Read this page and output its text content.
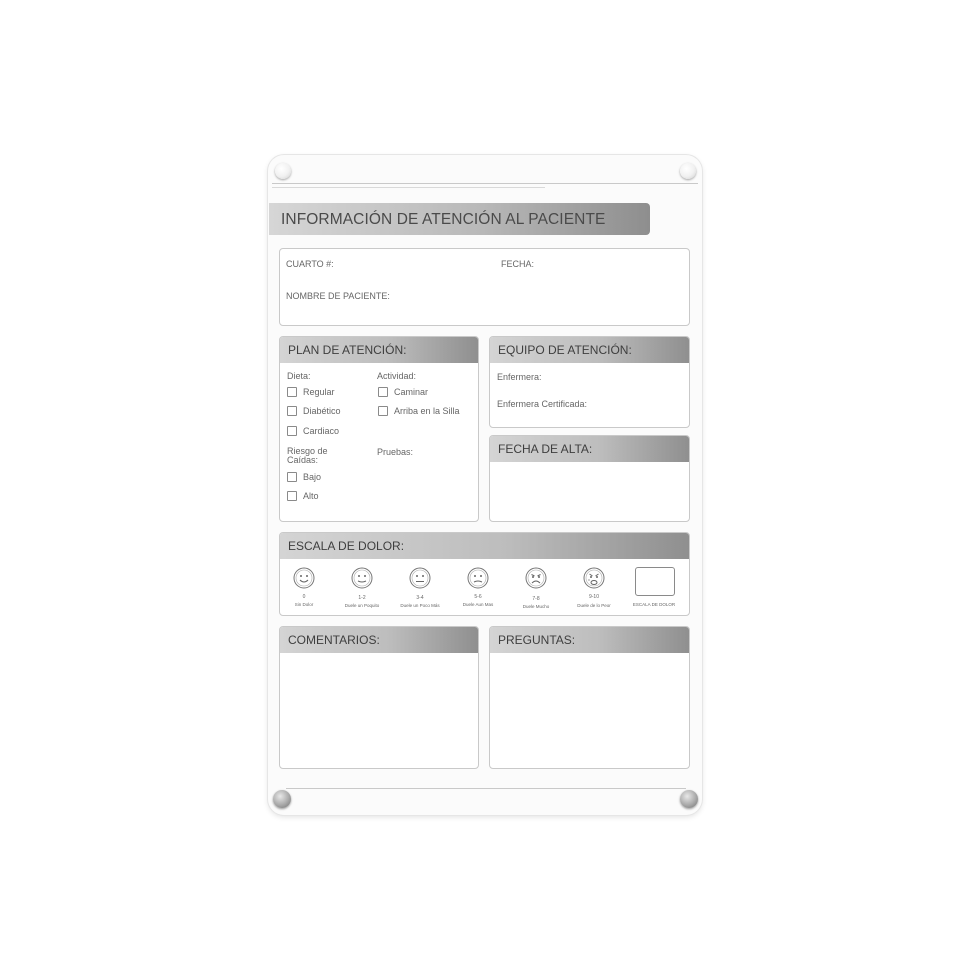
INFORMACIÓN DE ATENCIÓN AL PACIENTE
CUARTO #:	FECHA:
NOMBRE DE PACIENTE:
PLAN DE ATENCIÓN:
Dieta:
Regular
Diabético
Cardiaco
Actividad:
Caminar
Arriba en la Silla
Riesgo de Caídas:
Bajo
Alto
Pruebas:
EQUIPO DE ATENCIÓN:
Enfermera:
Enfermera Certificada:
FECHA DE ALTA:
ESCALA DE DOLOR:
0	1-2	3-4	5-6	7-8	9-10
Sin Dolor	Duele un Poquito	Duele un Poco Más	Duele Aun Mas	Duele Mucho	Duele de lo Peor	ESCALA DE DOLOR
COMENTARIOS:	PREGUNTAS:
